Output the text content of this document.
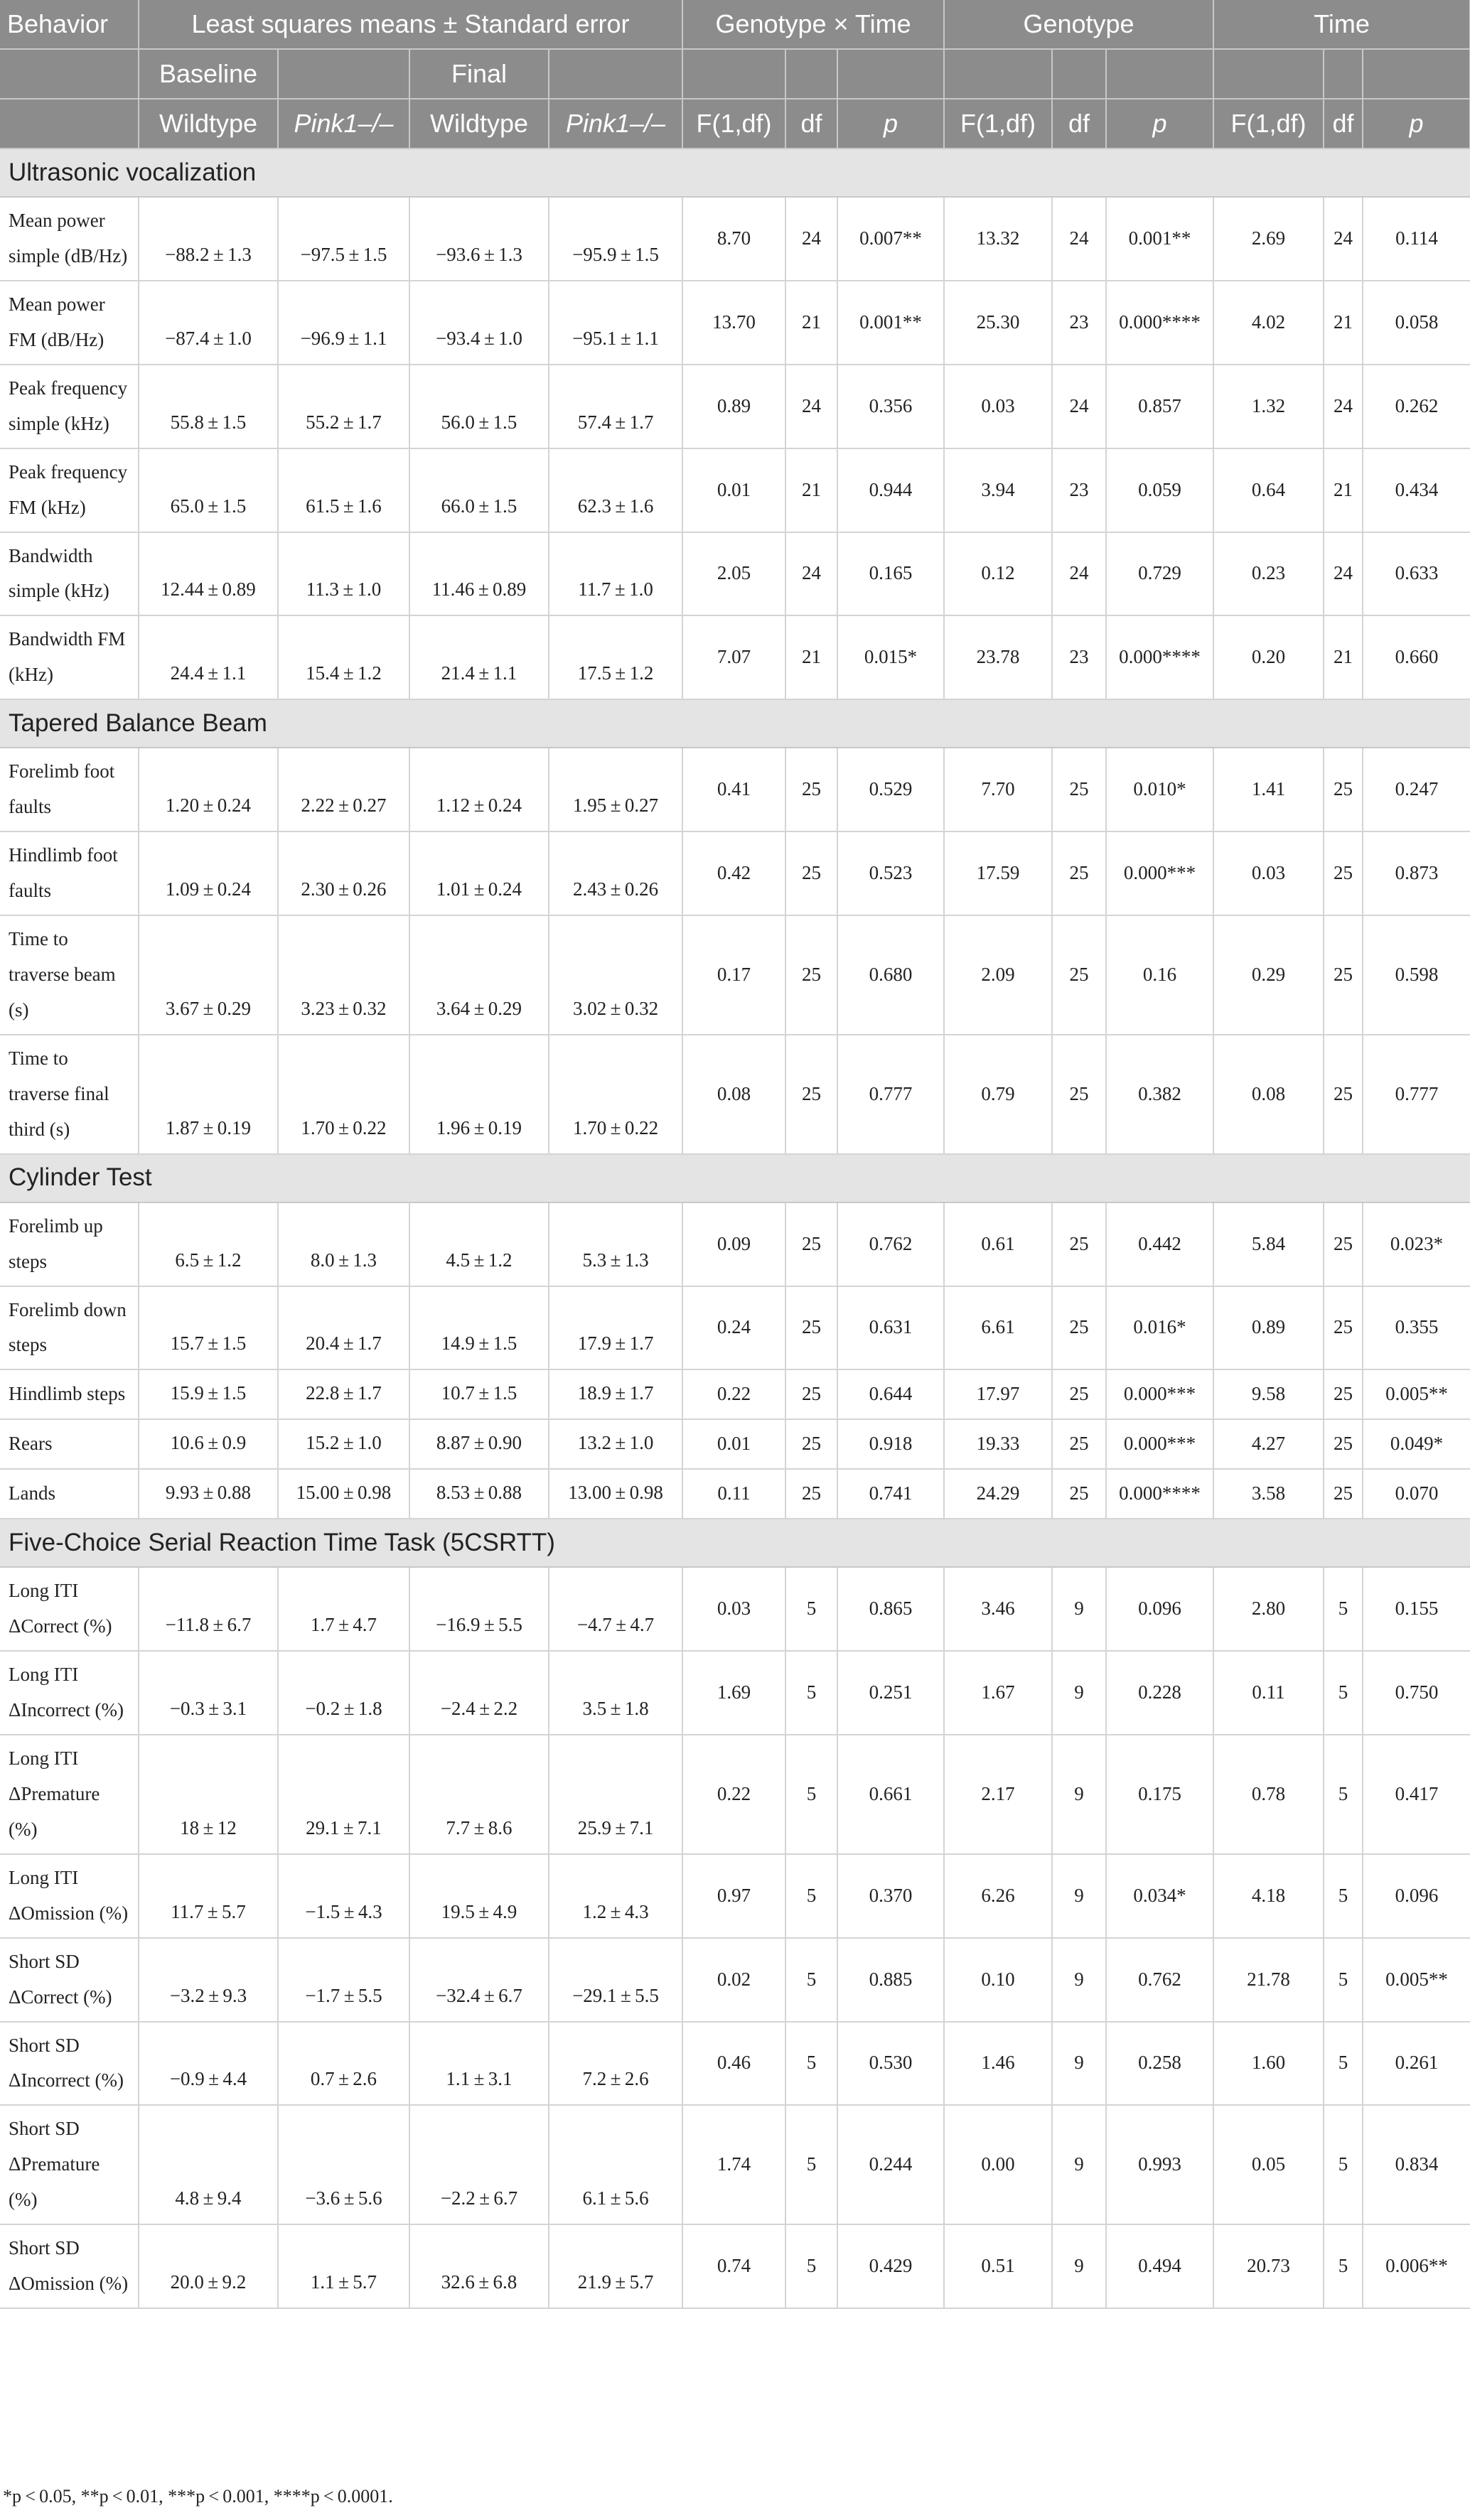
Behavior	Least squares means ± Standard error				Genotype × Time			Genotype			Time		
	Baseline		Final										
	Wildtype	Pink1–/–	Wildtype	Pink1–/–	F(1,df)	df	p	F(1,df)	df	p	F(1,df)	df	p
Ultrasonic vocalization													
Mean power simple (dB/Hz)	−88.2 ± 1.3	−97.5 ± 1.5	−93.6 ± 1.3	−95.9 ± 1.5	8.70	24	0.007**	13.32	24	0.001**	2.69	24	0.114
Mean power FM (dB/Hz)	−87.4 ± 1.0	−96.9 ± 1.1	−93.4 ± 1.0	−95.1 ± 1.1	13.70	21	0.001**	25.30	23	0.000****	4.02	21	0.058
Peak frequency simple (kHz)	55.8 ± 1.5	55.2 ± 1.7	56.0 ± 1.5	57.4 ± 1.7	0.89	24	0.356	0.03	24	0.857	1.32	24	0.262
Peak frequency FM (kHz)	65.0 ± 1.5	61.5 ± 1.6	66.0 ± 1.5	62.3 ± 1.6	0.01	21	0.944	3.94	23	0.059	0.64	21	0.434
Bandwidth simple (kHz)	12.44 ± 0.89	11.3 ± 1.0	11.46 ± 0.89	11.7 ± 1.0	2.05	24	0.165	0.12	24	0.729	0.23	24	0.633
Bandwidth FM (kHz)	24.4 ± 1.1	15.4 ± 1.2	21.4 ± 1.1	17.5 ± 1.2	7.07	21	0.015*	23.78	23	0.000****	0.20	21	0.660
Tapered Balance Beam													
Forelimb foot faults	1.20 ± 0.24	2.22 ± 0.27	1.12 ± 0.24	1.95 ± 0.27	0.41	25	0.529	7.70	25	0.010*	1.41	25	0.247
Hindlimb foot faults	1.09 ± 0.24	2.30 ± 0.26	1.01 ± 0.24	2.43 ± 0.26	0.42	25	0.523	17.59	25	0.000***	0.03	25	0.873
Time to traverse beam (s)	3.67 ± 0.29	3.23 ± 0.32	3.64 ± 0.29	3.02 ± 0.32	0.17	25	0.680	2.09	25	0.16	0.29	25	0.598
Time to traverse final third (s)	1.87 ± 0.19	1.70 ± 0.22	1.96 ± 0.19	1.70 ± 0.22	0.08	25	0.777	0.79	25	0.382	0.08	25	0.777
Cylinder Test													
Forelimb up steps	6.5 ± 1.2	8.0 ± 1.3	4.5 ± 1.2	5.3 ± 1.3	0.09	25	0.762	0.61	25	0.442	5.84	25	0.023*
Forelimb down steps	15.7 ± 1.5	20.4 ± 1.7	14.9 ± 1.5	17.9 ± 1.7	0.24	25	0.631	6.61	25	0.016*	0.89	25	0.355
Hindlimb steps	15.9 ± 1.5	22.8 ± 1.7	10.7 ± 1.5	18.9 ± 1.7	0.22	25	0.644	17.97	25	0.000***	9.58	25	0.005**
Rears	10.6 ± 0.9	15.2 ± 1.0	8.87 ± 0.90	13.2 ± 1.0	0.01	25	0.918	19.33	25	0.000***	4.27	25	0.049*
Lands	9.93 ± 0.88	15.00 ± 0.98	8.53 ± 0.88	13.00 ± 0.98	0.11	25	0.741	24.29	25	0.000****	3.58	25	0.070
Five-Choice Serial Reaction Time Task (5CSRTT)													
Long ITI ΔCorrect (%)	−11.8 ± 6.7	1.7 ± 4.7	−16.9 ± 5.5	−4.7 ± 4.7	0.03	5	0.865	3.46	9	0.096	2.80	5	0.155
Long ITI ΔIncorrect (%)	−0.3 ± 3.1	−0.2 ± 1.8	−2.4 ± 2.2	3.5 ± 1.8	1.69	5	0.251	1.67	9	0.228	0.11	5	0.750
Long ITI ΔPremature (%)	18 ± 12	29.1 ± 7.1	7.7 ± 8.6	25.9 ± 7.1	0.22	5	0.661	2.17	9	0.175	0.78	5	0.417
Long ITI ΔOmission (%)	11.7 ± 5.7	−1.5 ± 4.3	19.5 ± 4.9	1.2 ± 4.3	0.97	5	0.370	6.26	9	0.034*	4.18	5	0.096
Short SD ΔCorrect (%)	−3.2 ± 9.3	−1.7 ± 5.5	−32.4 ± 6.7	−29.1 ± 5.5	0.02	5	0.885	0.10	9	0.762	21.78	5	0.005**
Short SD ΔIncorrect (%)	−0.9 ± 4.4	0.7 ± 2.6	1.1 ± 3.1	7.2 ± 2.6	0.46	5	0.530	1.46	9	0.258	1.60	5	0.261
Short SD ΔPremature (%)	4.8 ± 9.4	−3.6 ± 5.6	−2.2 ± 6.7	6.1 ± 5.6	1.74	5	0.244	0.00	9	0.993	0.05	5	0.834
Short SD ΔOmission (%)	20.0 ± 9.2	1.1 ± 5.7	32.6 ± 6.8	21.9 ± 5.7	0.74	5	0.429	0.51	9	0.494	20.73	5	0.006**
*p < 0.05, **p < 0.01, ***p < 0.001, ****p < 0.0001.
